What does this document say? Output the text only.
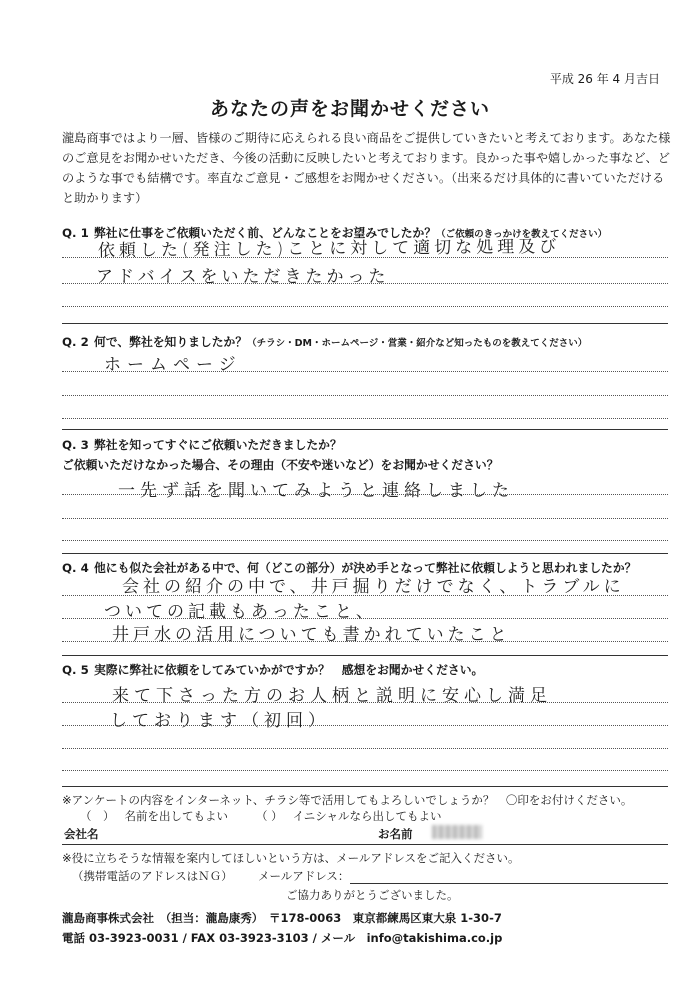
平成 26 年 4 月吉日
あなたの声をお聞かせください
瀧島商事ではより一層、皆様のご期待に応えられる良い商品をご提供していきたいと考えております。あなた様のご意見をお聞かせいただき、今後の活動に反映したいと考えております。良かった事や嬉しかった事など、どのような事でも結構です。率直なご意見・ご感想をお聞かせください。（出来るだけ具体的に書いていただけると助かります）
Q. 1 弊社に仕事をご依頼いただく前、どんなことをお望みでしたか？（ご依頼のきっかけを教えてください）
依頼した(発注した)ことに対して適切な処理及び
アドバイスをいただきたかった
Q. 2 何で、弊社を知りましたか？（チラシ・DM・ホームページ・営業・紹介など知ったものを教えてください）
ホームページ
Q. 3 弊社を知ってすぐにご依頼いただきましたか？
ご依頼いただけなかった場合、その理由（不安や迷いなど）をお聞かせください？
一先ず話を聞いてみようと連絡しました
Q. 4 他にも似た会社がある中で、何（どこの部分）が決め手となって弊社に依頼しようと思われましたか？
会社の紹介の中で、井戸掘りだけでなく、トラブルに
ついての記載もあったこと、
井戸水の活用についても書かれていたこと
Q. 5 実際に弊社に依頼をしてみていかがですか？　感想をお聞かせください。
来て下さった方のお人柄と説明に安心し満足
しております（初回）
※アンケートの内容をインターネット、チラシ等で活用してもよろしいでしょうか？　〇印をお付けください。
（　） 名前を出してもよい （ ） イニシャルなら出してもよい
会社名	お名前
※役に立ちそうな情報を案内してほしいという方は、メールアドレスをご記入ください。
（携帯電話のアドレスはＮＧ） メールアドレス：
ご協力ありがとうございました。
瀧島商事株式会社　（担当：瀧島康秀）　〒178-0063　東京都練馬区東大泉 1-30-7
電話 03-3923-0031 / FAX 03-3923-3103 / メール　info@takishima.co.jp
